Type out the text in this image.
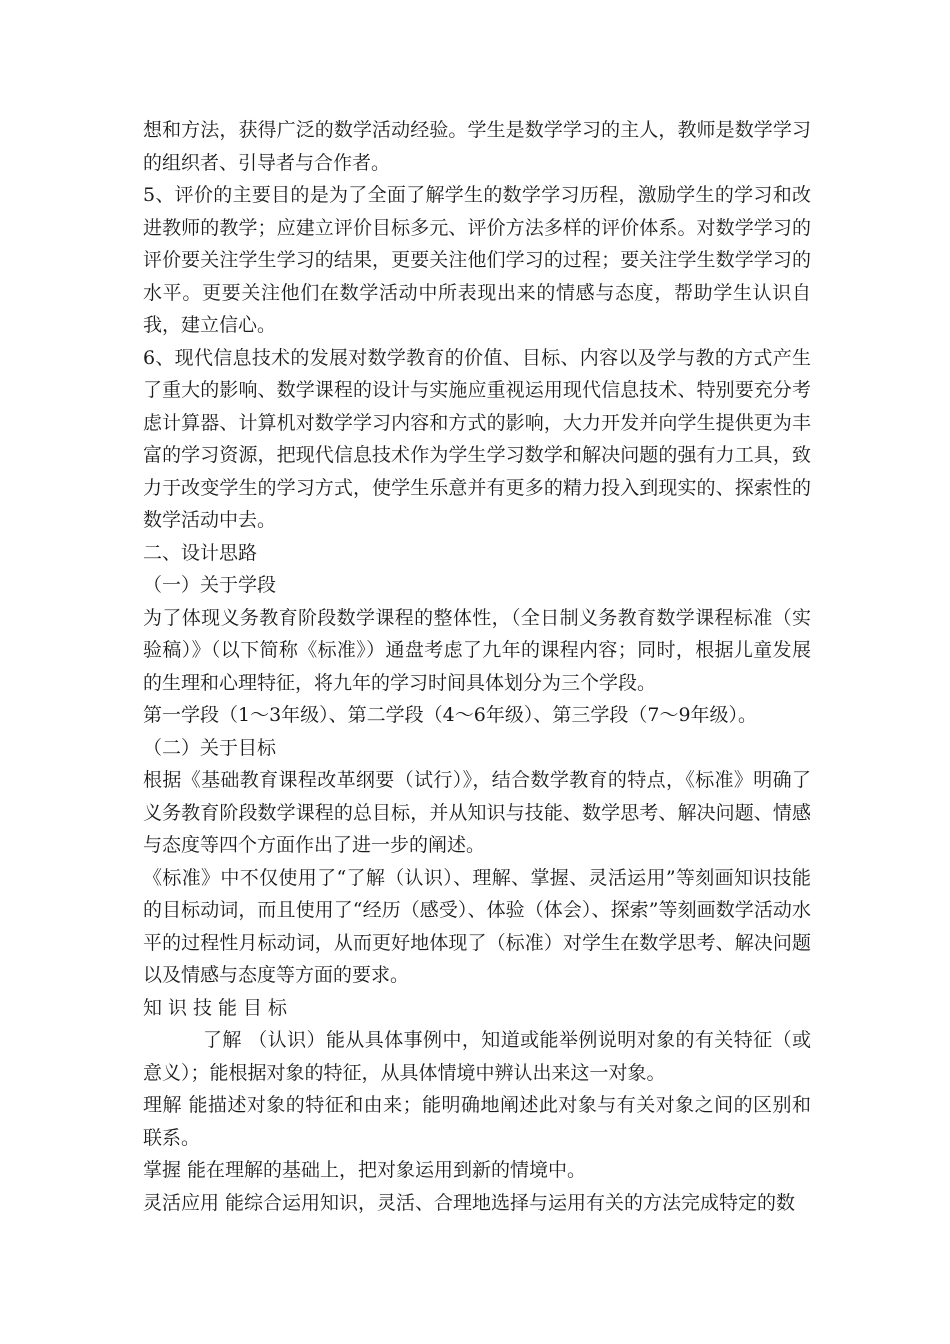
想和方法，获得广泛的数学活动经验。学生是数学学习的主人，教师是数学学习的组织者、引导者与合作者。

5、评价的主要目的是为了全面了解学生的数学学习历程，激励学生的学习和改进教师的教学；应建立评价目标多元、评价方法多样的评价体系。对数学学习的评价要关注学生学习的结果，更要关注他们学习的过程；要关注学生数学学习的水平。更要关注他们在数学活动中所表现出来的情感与态度，帮助学生认识自我，建立信心。

6、现代信息技术的发展对数学教育的价值、目标、内容以及学与教的方式产生了重大的影响、数学课程的设计与实施应重视运用现代信息技术、特别要充分考虑计算器、计算机对数学学习内容和方式的影响，大力开发并向学生提供更为丰富的学习资源，把现代信息技术作为学生学习数学和解决问题的强有力工具，致力于改变学生的学习方式，使学生乐意并有更多的精力投入到现实的、探索性的数学活动中去。

二、设计思路

（一）关于学段

为了体现义务教育阶段数学课程的整体性，（全日制义务教育数学课程标准（实验稿）》（以下简称《标准》）通盘考虑了九年的课程内容；同时，根据儿童发展的生理和心理特征，将九年的学习时间具体划分为三个学段。

第一学段（1～3年级）、第二学段（4～6年级）、第三学段（7～9年级）。

（二）关于目标

根据《基础教育课程改革纲要（试行）》，结合数学教育的特点，《标准》明确了义务教育阶段数学课程的总目标，并从知识与技能、数学思考、解决问题、情感与态度等四个方面作出了进一步的阐述。

《标准》中不仅使用了“了解（认识）、理解、掌握、灵活运用”等刻画知识技能的目标动词，而且使用了“经历（感受）、体验（体会）、探索”等刻画数学活动水平的过程性月标动词，从而更好地体现了（标准）对学生在数学思考、解决问题以及情感与态度等方面的要求。

知识技能目标

了解 （认识）能从具体事例中，知道或能举例说明对象的有关特征（或意义）；能根据对象的特征，从具体情境中辨认出来这一对象。

理解 能描述对象的特征和由来；能明确地阐述此对象与有关对象之间的区别和联系。

掌握 能在理解的基础上，把对象运用到新的情境中。

灵活应用 能综合运用知识，灵活、合理地选择与运用有关的方法完成特定的数
